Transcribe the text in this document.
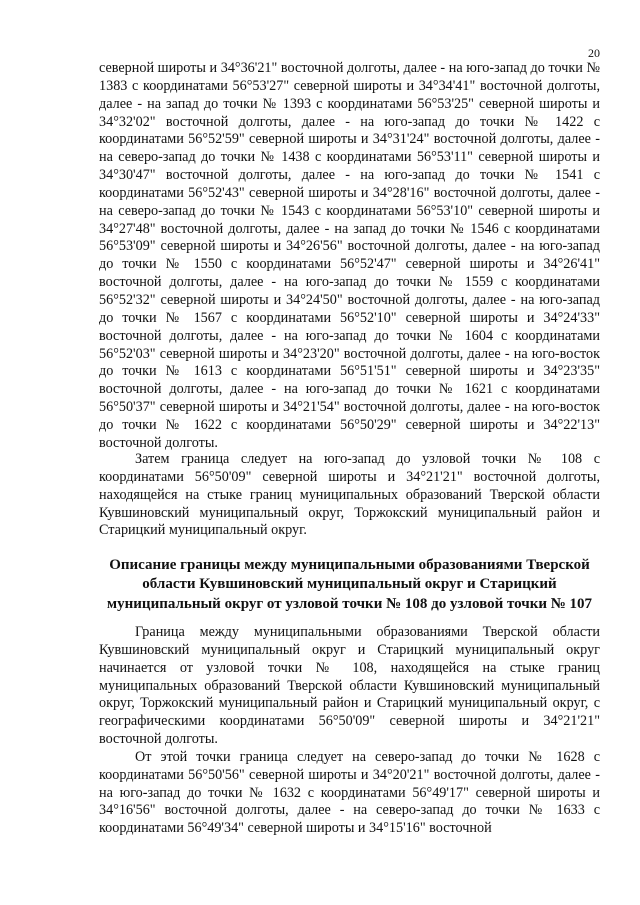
20

северной широты и 34°36'21" восточной долготы, далее - на юго-запад до точки № 1383 с координатами 56°53'27" северной широты и 34°34'41" восточной долготы, далее - на запад до точки № 1393 с координатами 56°53'25" северной широты и 34°32'02" восточной долготы, далее - на юго-запад до точки № 1422 с координатами 56°52'59" северной широты и 34°31'24" восточной долготы, далее - на северо-запад до точки № 1438 с координатами 56°53'11" северной широты и 34°30'47" восточной долготы, далее - на юго-запад до точки № 1541 с координатами 56°52'43" северной широты и 34°28'16" восточной долготы, далее - на северо-запад до точки № 1543 с координатами 56°53'10" северной широты и 34°27'48" восточной долготы, далее - на запад до точки № 1546 с координатами 56°53'09" северной широты и 34°26'56" восточной долготы, далее - на юго-запад до точки № 1550 с координатами 56°52'47" северной широты и 34°26'41" восточной долготы, далее - на юго-запад до точки № 1559 с координатами 56°52'32" северной широты и 34°24'50" восточной долготы, далее - на юго-запад до точки № 1567 с координатами 56°52'10" северной широты и 34°24'33" восточной долготы, далее - на юго-запад до точки № 1604 с координатами 56°52'03" северной широты и 34°23'20" восточной долготы, далее - на юго-восток до точки № 1613 с координатами 56°51'51" северной широты и 34°23'35" восточной долготы, далее - на юго-запад до точки № 1621 с координатами 56°50'37" северной широты и 34°21'54" восточной долготы, далее - на юго-восток до точки № 1622 с координатами 56°50'29" северной широты и 34°22'13" восточной долготы.

Затем граница следует на юго-запад до узловой точки № 108 с координатами 56°50'09" северной широты и 34°21'21" восточной долготы, находящейся на стыке границ муниципальных образований Тверской области Кувшиновский муниципальный округ, Торжокский муниципальный район и Старицкий муниципальный округ.

Описание границы между муниципальными образованиями Тверской области Кувшиновский муниципальный округ и Старицкий муниципальный округ от узловой точки № 108 до узловой точки № 107

Граница между муниципальными образованиями Тверской области Кувшиновский муниципальный округ и Старицкий муниципальный округ начинается от узловой точки № 108, находящейся на стыке границ муниципальных образований Тверской области Кувшиновский муниципальный округ, Торжокский муниципальный район и Старицкий муниципальный округ, с географическими координатами 56°50'09" северной широты и 34°21'21" восточной долготы.

От этой точки граница следует на северо-запад до точки № 1628 с координатами 56°50'56" северной широты и 34°20'21" восточной долготы, далее - на юго-запад до точки № 1632 с координатами 56°49'17" северной широты и 34°16'56" восточной долготы, далее - на северо-запад до точки № 1633 с координатами 56°49'34" северной широты и 34°15'16" восточной
